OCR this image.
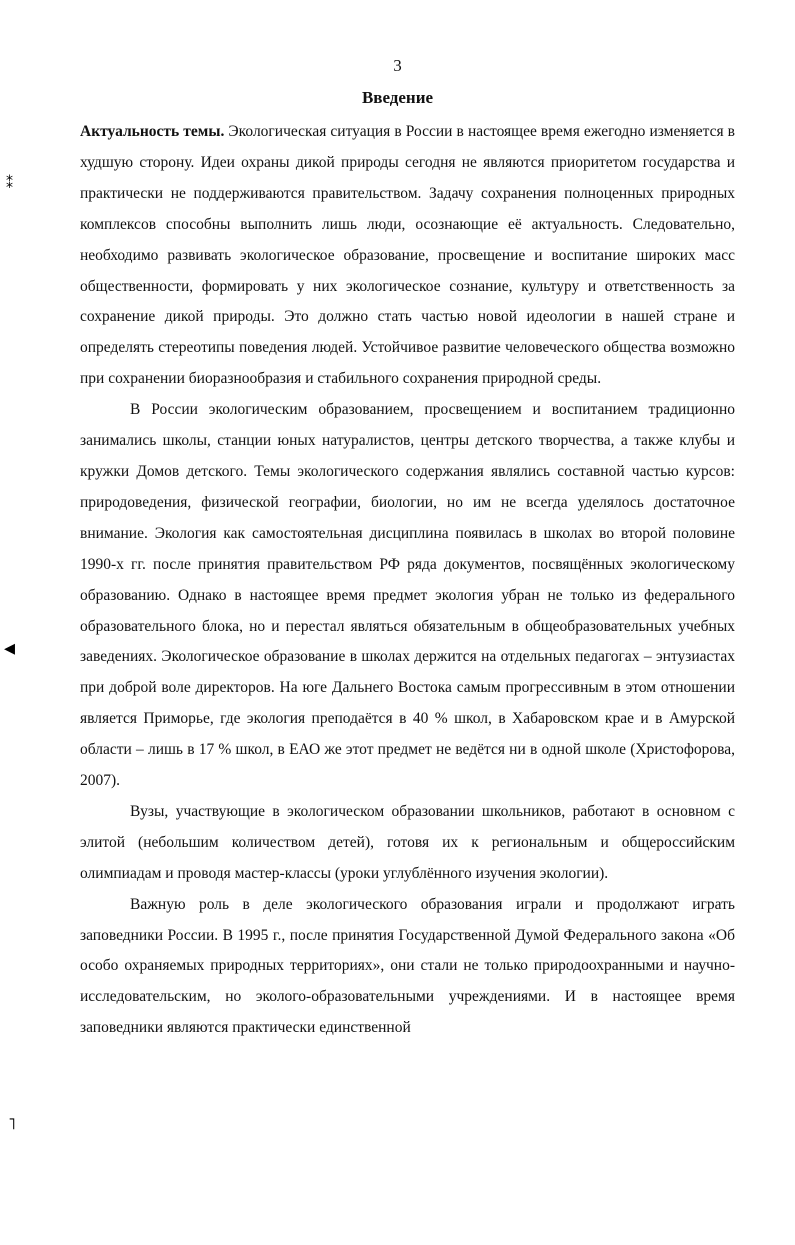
3
Введение

Актуальность темы. Экологическая ситуация в России в настоящее время ежегодно изменяется в худшую сторону. Идеи охраны дикой природы сегодня не являются приоритетом государства и практически не поддерживаются правительством. Задачу сохранения полноценных природных комплексов способны выполнить лишь люди, осознающие её актуальность. Следовательно, необходимо развивать экологическое образование, просвещение и воспитание широких масс общественности, формировать у них экологическое сознание, культуру и ответственность за сохранение дикой природы. Это должно стать частью новой идеологии в нашей стране и определять стереотипы поведения людей. Устойчивое развитие человеческого общества возможно при сохранении биоразнообразия и стабильного сохранения природной среды.

В России экологическим образованием, просвещением и воспитанием традиционно занимались школы, станции юных натуралистов, центры детского творчества, а также клубы и кружки Домов детского. Темы экологического содержания являлись составной частью курсов: природоведения, физической географии, биологии, но им не всегда уделялось достаточное внимание. Экология как самостоятельная дисциплина появилась в школах во второй половине 1990-х гг. после принятия правительством РФ ряда документов, посвящённых экологическому образованию. Однако в настоящее время предмет экология убран не только из федерального образовательного блока, но и перестал являться обязательным в общеобразовательных учебных заведениях. Экологическое образование в школах держится на отдельных педагогах – энтузиастах при доброй воле директоров. На юге Дальнего Востока самым прогрессивным в этом отношении является Приморье, где экология преподаётся в 40 % школ, в Хабаровском крае и в Амурской области – лишь в 17 % школ, в ЕАО же этот предмет не ведётся ни в одной школе (Христофорова, 2007).

Вузы, участвующие в экологическом образовании школьников, работают в основном с элитой (небольшим количеством детей), готовя их к региональным и общероссийским олимпиадам и проводя мастер-классы (уроки углублённого изучения экологии).

Важную роль в деле экологического образования играли и продолжают играть заповедники России. В 1995 г., после принятия Государственной Думой Федерального закона «Об особо охраняемых природных территориях», они стали не только природоохранными и научно-исследовательским, но эколого-образовательными учреждениями. И в настоящее время заповедники являются практически единственной

⁑
◂
˥
